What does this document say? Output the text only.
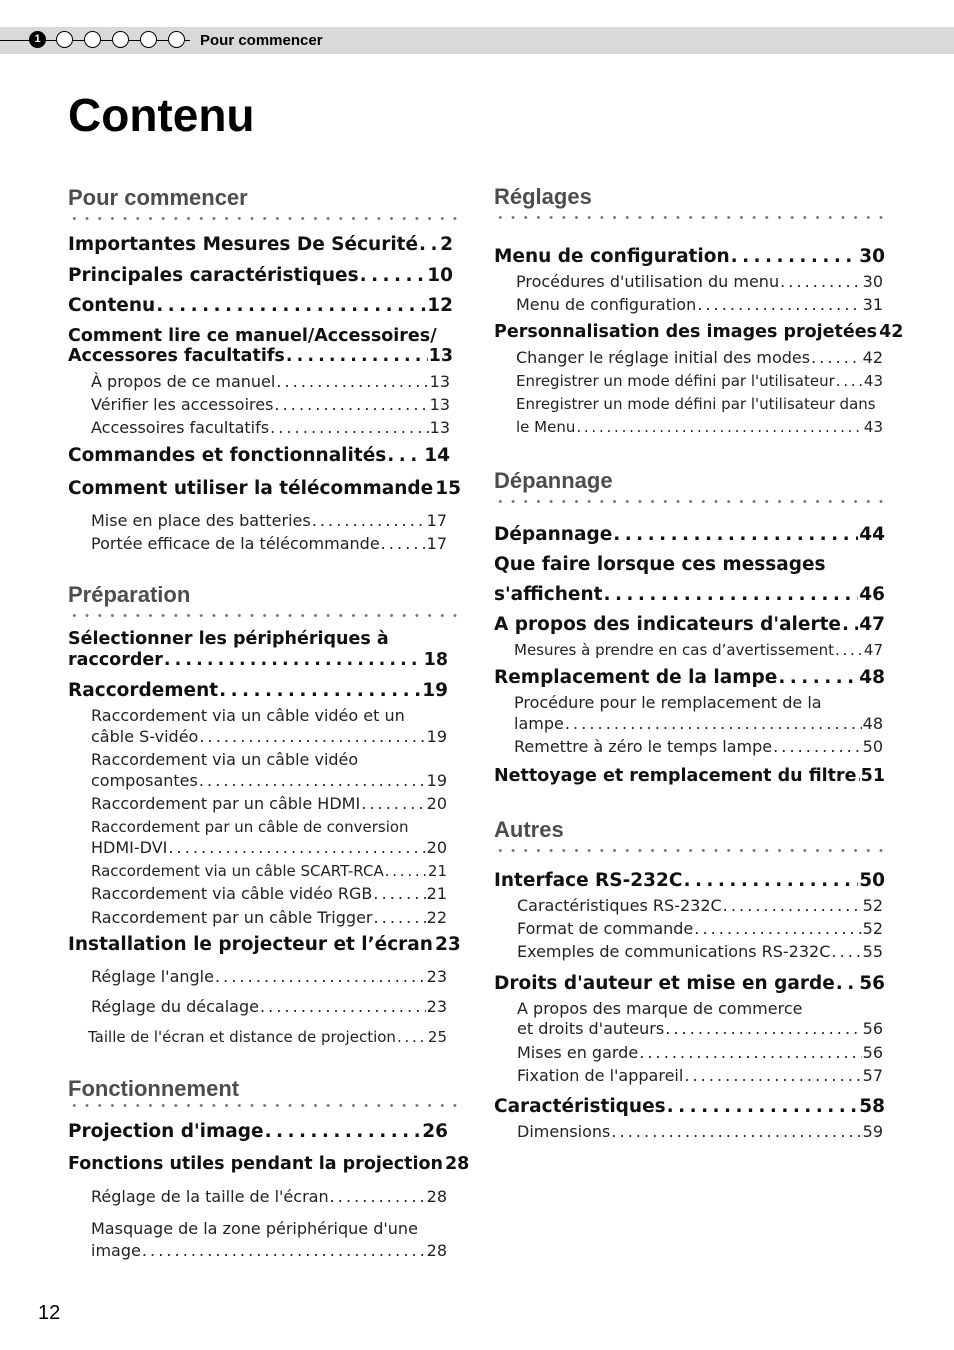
1	Pour commencer
Contenu
Pour commencer
Importantes Mesures De Sécurité . . . 2
Principales caractéristiques . . .	10
Contenu . . .	12
Comment lire ce manuel/Accessoires/
Accessores facultatifs . . .	13
À propos de ce manuel . . .	13
Vérifier les accessoires . . .	13
Accessoires facultatifs . . .	13
Commandes et fonctionnalités . . . 14
Comment utiliser la télécommande 15
Mise en place des batteries . . .	17
Portée efficace de la télécommande . . .	17
Préparation
Sélectionner les périphériques à
raccorder . . .	18
Raccordement . . .	19
Raccordement via un câble vidéo et un
câble S-vidéo . . .	19
Raccordement via un câble vidéo
composantes . . .	19
Raccordement par un câble HDMI . . .	20
Raccordement par un câble de conversion
HDMI-DVI . . .	20
Raccordement via un câble SCART-RCA . . .	21
Raccordement via câble vidéo RGB . . .	21
Raccordement par un câble Trigger . . .	22
Installation le projecteur et l’écran 23
Réglage l'angle . . .	23
Réglage du décalage . . .	23
Taille de l'écran et distance de projection . . . 25
Fonctionnement
Projection d'image . . .	26
Fonctions utiles pendant la projection 28
Réglage de la taille de l'écran . . .	28
Masquage de la zone périphérique d'une
image . . .	28
Réglages
Menu de configuration . . .	30
Procédures d'utilisation du menu . . .	30
Menu de configuration . . .	31
Personnalisation des images projetées 42
Changer le réglage initial des modes . . .	42
Enregistrer un mode défini par l'utilisateur . . . 43
Enregistrer un mode défini par l'utilisateur dans
le Menu . . .	43
Dépannage
Dépannage . . .	44
Que faire lorsque ces messages
s'affichent . . .	46
A propos des indicateurs d'alerte . . . 47
Mesures à prendre en cas d’avertissement . . . 47
Remplacement de la lampe . . .	48
Procédure pour le remplacement de la
lampe . . .	48
Remettre à zéro le temps lampe . . .	50
Nettoyage et remplacement du filtre . . . 51
Autres
Interface RS-232C . . .	50
Caractéristiques RS-232C . . .	52
Format de commande . . .	52
Exemples de communications RS-232C . . . 55
Droits d'auteur et mise en garde . . . 56
A propos des marque de commerce
et droits d'auteurs . . .	56
Mises en garde . . .	56
Fixation de l'appareil . . .	57
Caractéristiques . . .	58
Dimensions . . .	59
12
